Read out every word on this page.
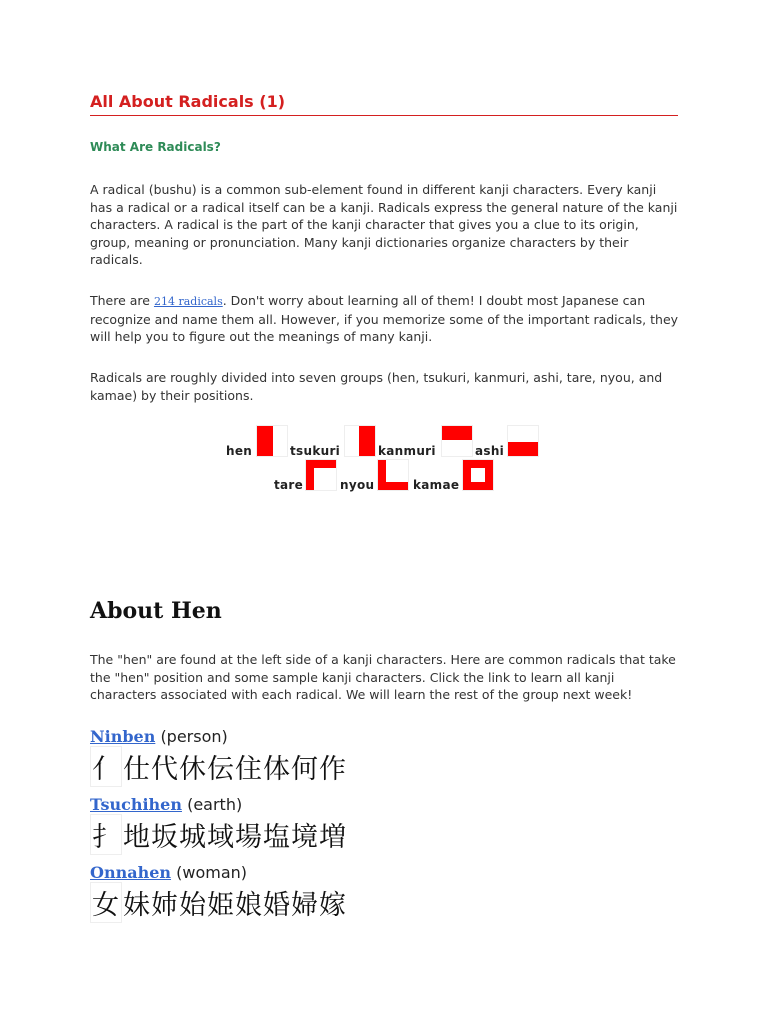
All About Radicals (1)
What Are Radicals?
A radical (bushu) is a common sub-element found in different kanji characters. Every kanji has a radical or a radical itself can be a kanji. Radicals express the general nature of the kanji characters. A radical is the part of the kanji character that gives you a clue to its origin, group, meaning or pronunciation. Many kanji dictionaries organize characters by their radicals.
There are 214 radicals. Don't worry about learning all of them! I doubt most Japanese can recognize and name them all. However, if you memorize some of the important radicals, they will help you to figure out the meanings of many kanji.
Radicals are roughly divided into seven groups (hen, tsukuri, kanmuri, ashi, tare, nyou, and kamae) by their positions.
hen	tsukuri	kanmuri	ashi
tare	nyou	kamae
About Hen
The "hen" are found at the left side of a kanji characters. Here are common radicals that take the "hen" position and some sample kanji characters. Click the link to learn all kanji characters associated with each radical. We will learn the rest of the group next week!
Ninben (person)
亻 仕代休伝住体何作
Tsuchihen (earth)
扌 地坂城域場塩境増
Onnahen (woman)
女 妹姉始姫娘婚婦嫁
